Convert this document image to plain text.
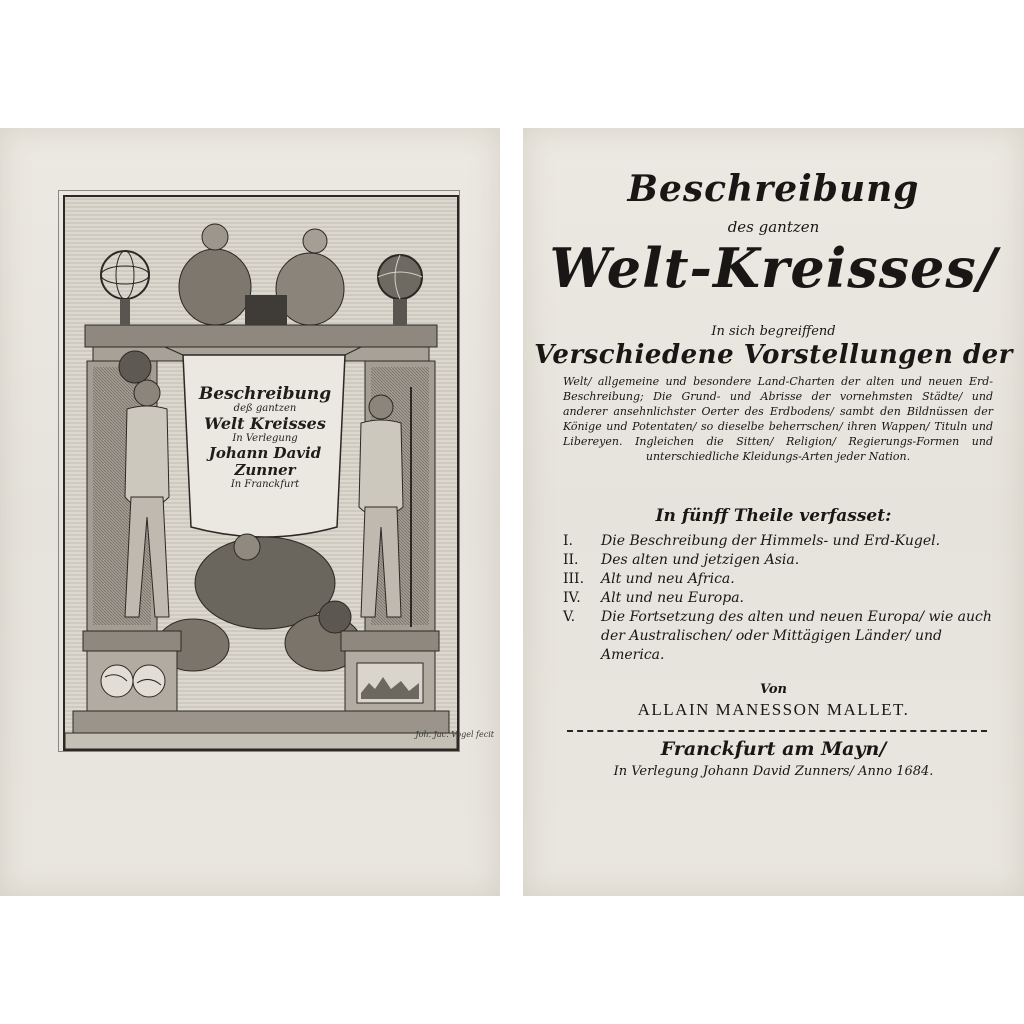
Beschreibung
deß gantzen
Welt Kreisses
In Verlegung
Johann David
Zunner
In Franckfurt
Joh. Jac. Vogel fecit
Beschreibung
des gantzen
Welt-Kreisses/
In sich begreiffend
Verschiedene Vorstellungen der
Welt/ allgemeine und besondere Land-Charten der alten und neuen Erd-Beschreibung; Die Grund- und Abrisse der vornehmsten Städte/ und anderer ansehnlichster Oerter des Erdbodens/ sambt den Bildnüssen der Könige und Potentaten/ so dieselbe beherrschen/ ihren Wappen/ Tituln und Libereyen. Ingleichen die Sitten/ Religion/ Regierungs-Formen und unterschiedliche Kleidungs-Arten jeder Nation.
In fünff Theile verfasset:
I.	Die Beschreibung der Himmels- und Erd-Kugel.
II.	Des alten und jetzigen Asia.
III.	Alt und neu Africa.
IV.	Alt und neu Europa.
V.	Die Fortsetzung des alten und neuen Europa/ wie auch der Australischen/ oder Mittägigen Länder/ und America.
Von
ALLAIN MANESSON MALLET.
Franckfurt am Mayn/
In Verlegung Johann David Zunners/ Anno 1684.
